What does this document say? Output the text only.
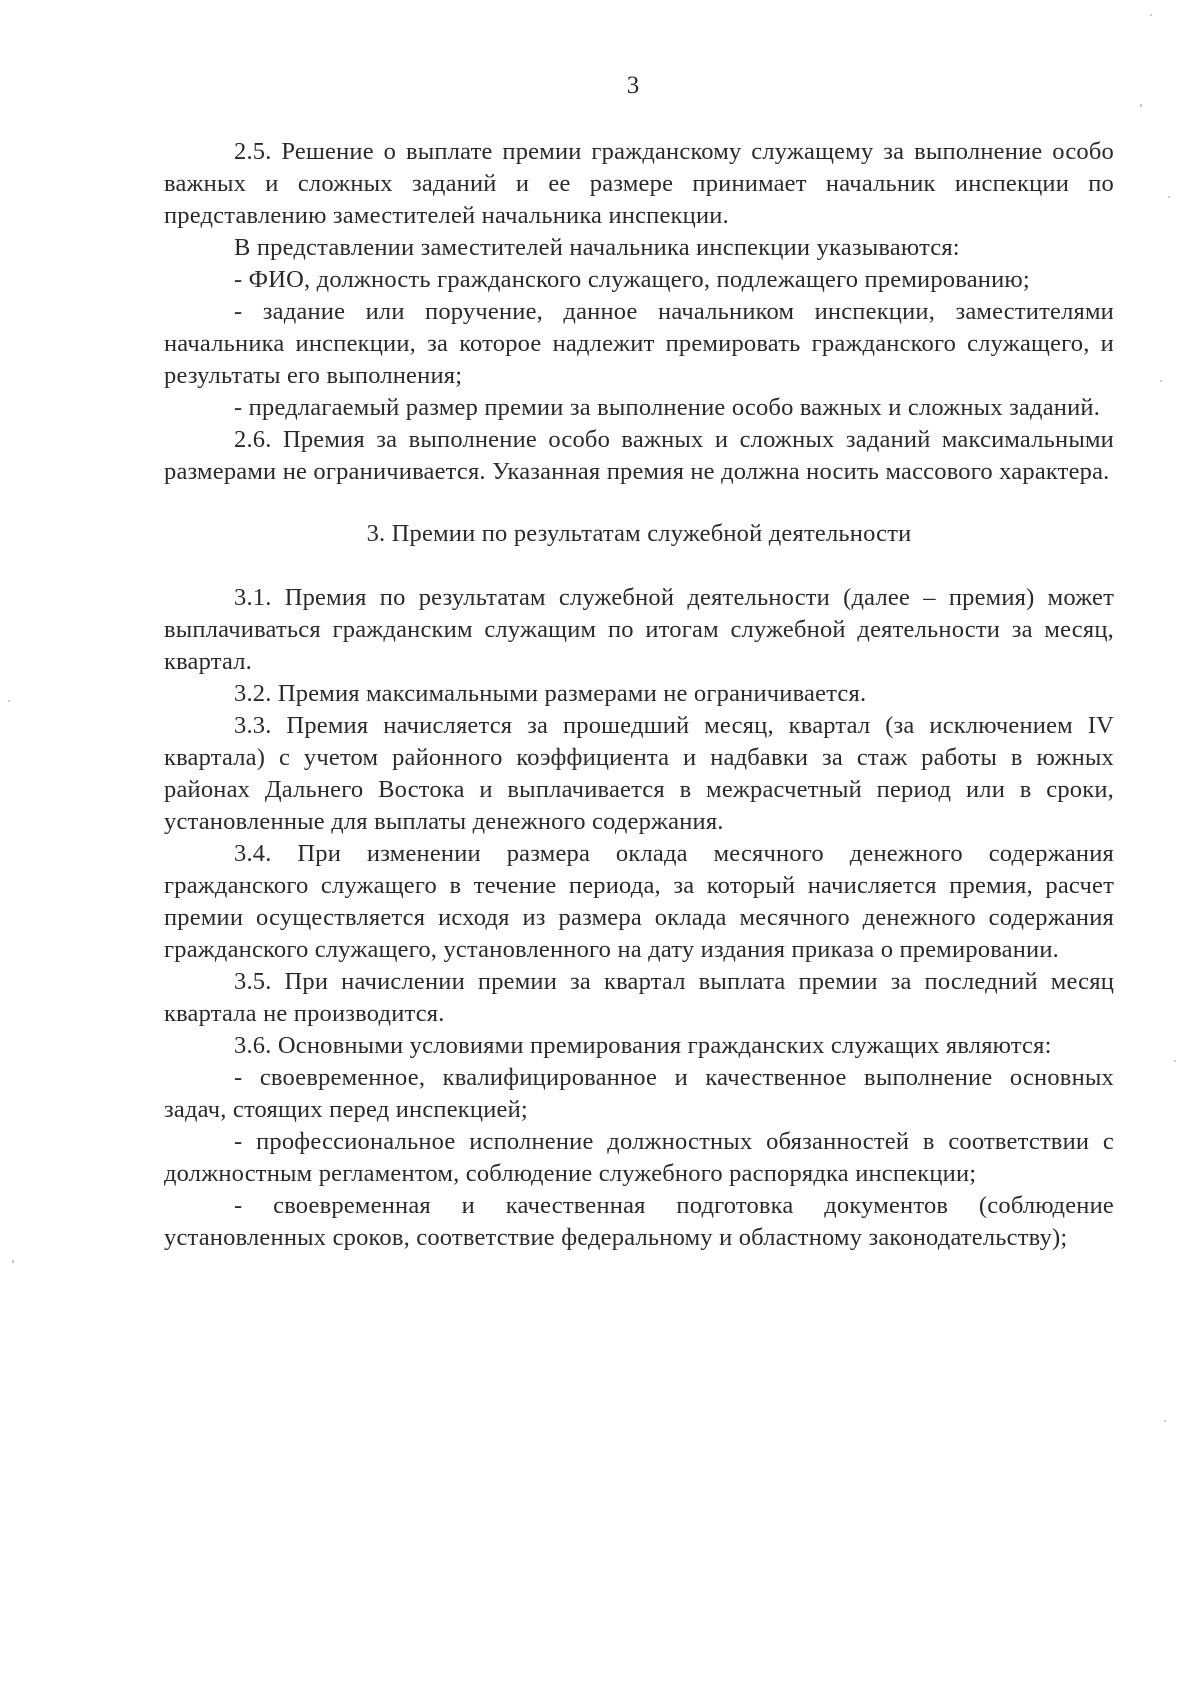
3

2.5. Решение о выплате премии гражданскому служащему за выполнение особо важных и сложных заданий и ее размере принимает начальник инспекции по представлению заместителей начальника инспекции.

В представлении заместителей начальника инспекции указываются:

- ФИО, должность гражданского служащего, подлежащего премированию;

- задание или поручение, данное начальником инспекции, заместителями начальника инспекции, за которое надлежит премировать гражданского служащего, и результаты его выполнения;

- предлагаемый размер премии за выполнение особо важных и сложных заданий.

2.6. Премия за выполнение особо важных и сложных заданий максимальными размерами не ограничивается. Указанная премия не должна носить массового характера.

3. Премии по результатам служебной деятельности

3.1. Премия по результатам служебной деятельности (далее – премия) может выплачиваться гражданским служащим по итогам служебной деятельности за месяц, квартал.

3.2. Премия максимальными размерами не ограничивается.

3.3. Премия начисляется за прошедший месяц, квартал (за исключением IV квартала) с учетом районного коэффициента и надбавки за стаж работы в южных районах Дальнего Востока и выплачивается в межрасчетный период или в сроки, установленные для выплаты денежного содержания.

3.4. При изменении размера оклада месячного денежного содержания гражданского служащего в течение периода, за который начисляется премия, расчет премии осуществляется исходя из размера оклада месячного денежного содержания гражданского служащего, установленного на дату издания приказа о премировании.

3.5. При начислении премии за квартал выплата премии за последний месяц квартала не производится.

3.6. Основными условиями премирования гражданских служащих являются:

- своевременное, квалифицированное и качественное выполнение основных задач, стоящих перед инспекцией;

- профессиональное исполнение должностных обязанностей в соответствии с должностным регламентом, соблюдение служебного распорядка инспекции;

- своевременная и качественная подготовка документов (соблюдение установленных сроков, соответствие федеральному и областному законодательству);
